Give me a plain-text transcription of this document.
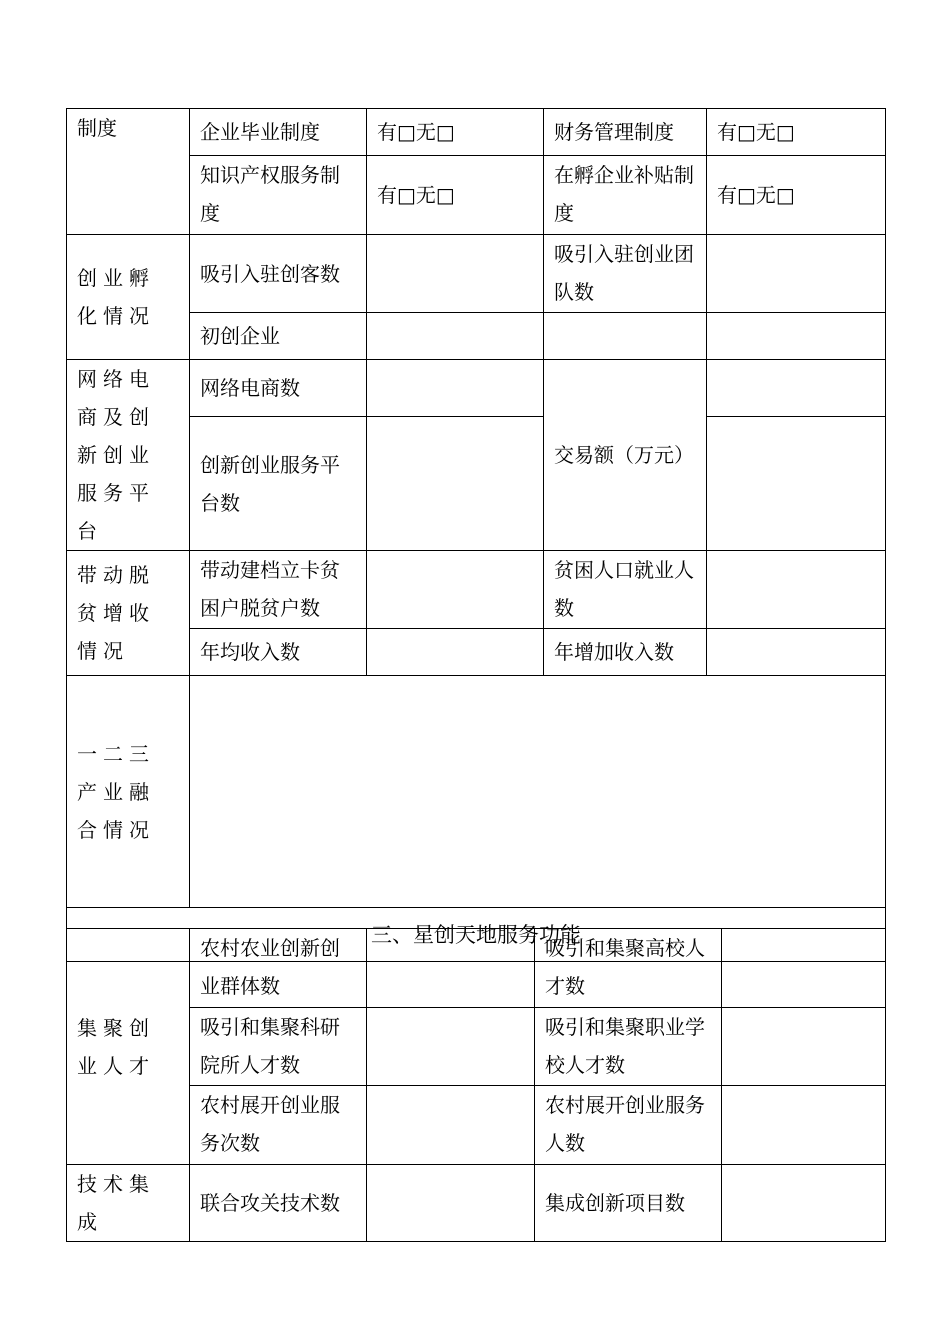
制度	企业毕业制度	有□无□	财务管理制度	有□无□
	知识产权服务制度	有□无□	在孵企业补贴制度	有□无□
创业孵化情况	吸引入驻创客数		吸引入驻创业团队数	
	初创企业			
网络电商及创新创业服务平台	网络电商数		交易额（万元）	
	创新创业服务平台数			
带动脱贫增收情况	带动建档立卡贫困户脱贫户数		贫困人口就业人数	
	年均收入数		年增加收入数	
一二三产业融合情况				
三、星创天地服务功能				
集聚创业人才	农村农业创新创业群体数		吸引和集聚高校人才数	
	吸引和集聚科研院所人才数		吸引和集聚职业学校人才数	
	农村展开创业服务次数		农村展开创业服务人数	
技术集成	联合攻关技术数		集成创新项目数	
